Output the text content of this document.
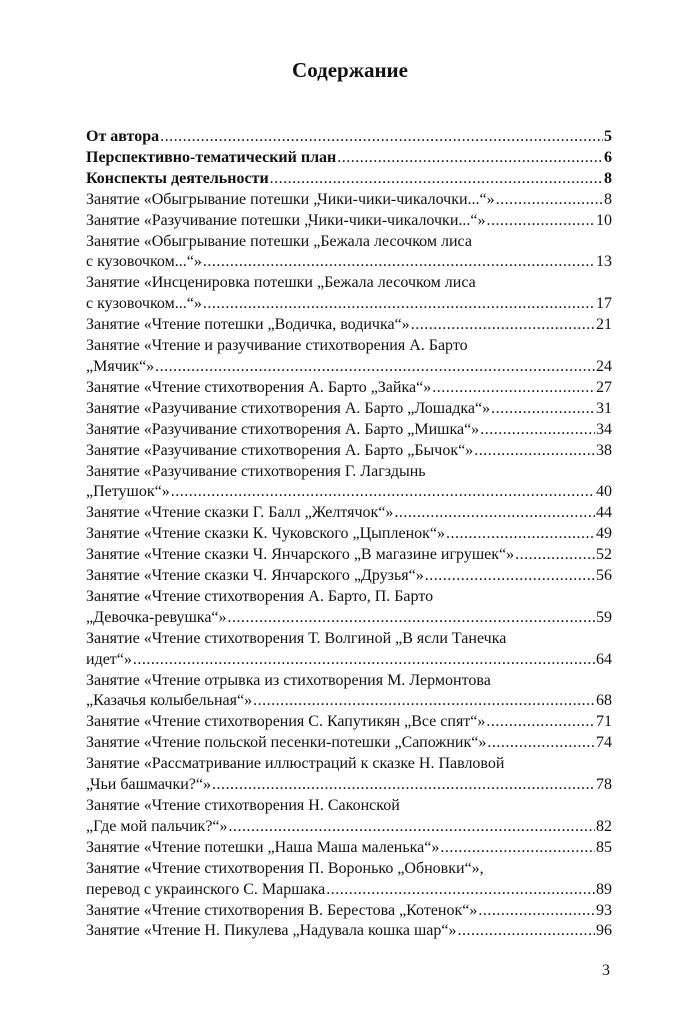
Содержание
От автора .....	5
Перспективно-тематический план .....	6
Конспекты деятельности .....	8
Занятие «Обыгрывание потешки „Чики-чики-чикалочки...“» .....	8
Занятие «Разучивание потешки „Чики-чики-чикалочки...“» .....	10
Занятие «Обыгрывание потешки „Бежала лесочком лиса
с кузовочком...“» .....	13
Занятие «Инсценировка потешки „Бежала лесочком лиса
с кузовочком...“» .....	17
Занятие «Чтение потешки „Водичка, водичка“» .....	21
Занятие «Чтение и разучивание стихотворения А. Барто
„Мячик“» .....	24
Занятие «Чтение стихотворения А. Барто „Зайка“» .....	27
Занятие «Разучивание стихотворения А. Барто „Лошадка“» .....	31
Занятие «Разучивание стихотворения А. Барто „Мишка“» .....	34
Занятие «Разучивание стихотворения А. Барто „Бычок“» .....	38
Занятие «Разучивание стихотворения Г. Лагздынь
„Петушок“» .....	40
Занятие «Чтение сказки Г. Балл „Желтячок“» .....	44
Занятие «Чтение сказки К. Чуковского „Цыпленок“» .....	49
Занятие «Чтение сказки Ч. Янчарского „В магазине игрушек“» .....	52
Занятие «Чтение сказки Ч. Янчарского „Друзья“» .....	56
Занятие «Чтение стихотворения А. Барто, П. Барто
„Девочка-ревушка“» .....	59
Занятие «Чтение стихотворения Т. Волгиной „В ясли Танечка
идет“» .....	64
Занятие «Чтение отрывка из стихотворения М. Лермонтова
„Казачья колыбельная“» .....	68
Занятие «Чтение стихотворения С. Капутикян „Все спят“» .....	71
Занятие «Чтение польской песенки-потешки „Сапожник“» .....	74
Занятие «Рассматривание иллюстраций к сказке Н. Павловой
„Чьи башмачки?“» .....	78
Занятие «Чтение стихотворения Н. Саконской
„Где мой пальчик?“» .....	82
Занятие «Чтение потешки „Наша Маша маленька“» .....	85
Занятие «Чтение стихотворения П. Воронько „Обновки“»,
перевод с украинского С. Маршака .....	89
Занятие «Чтение стихотворения В. Берестова „Котенок“» .....	93
Занятие «Чтение Н. Пикулева „Надувала кошка шар“» .....	96
3
